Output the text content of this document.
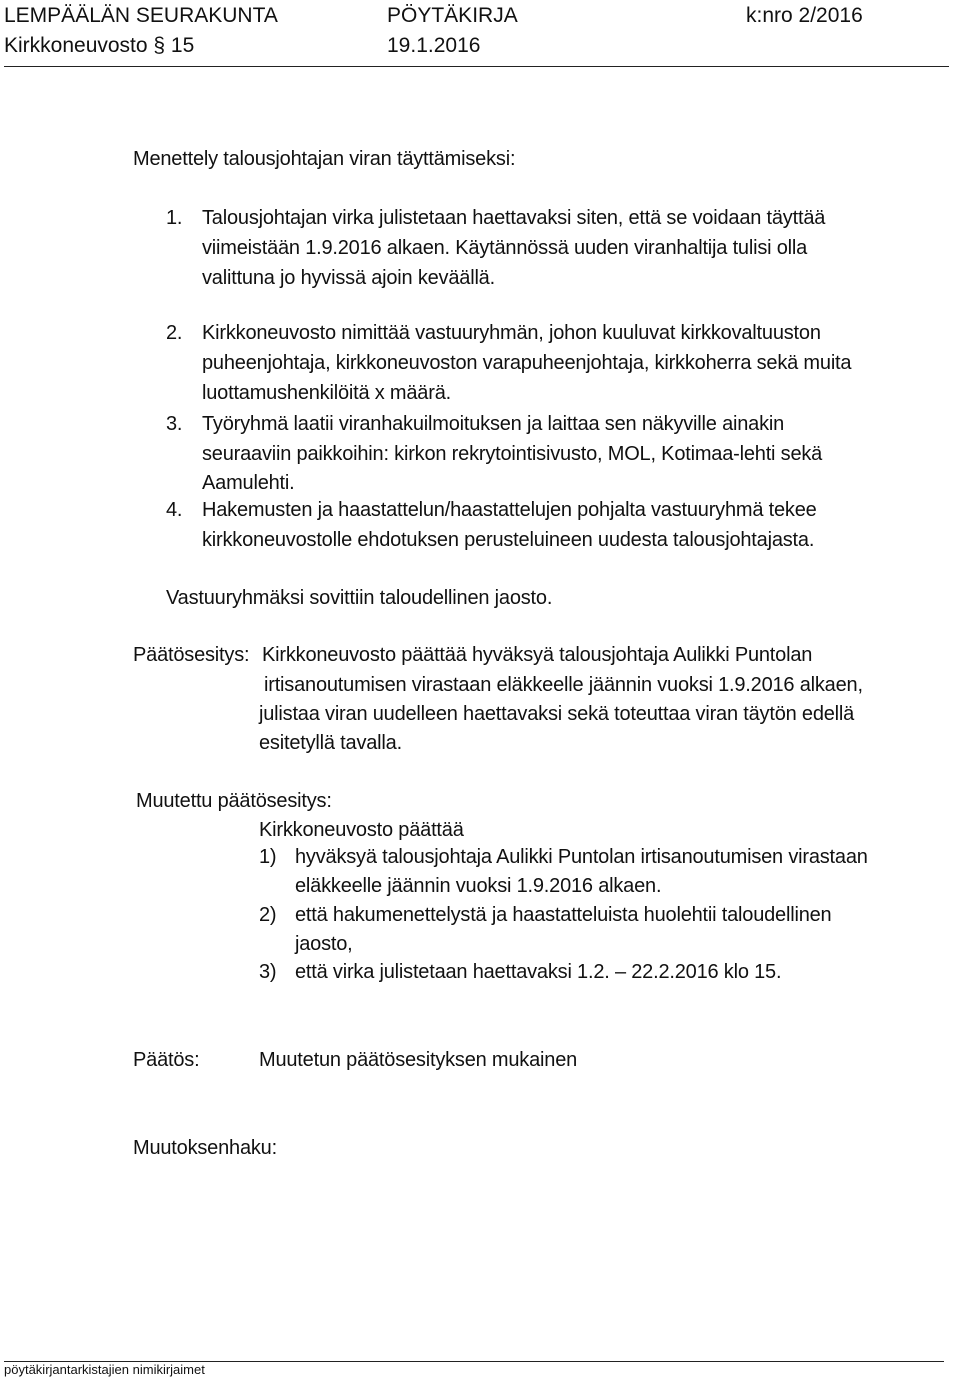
LEMPÄÄLÄN SEURAKUNTA	PÖYTÄKIRJA	k:nro 2/2016
Kirkkoneuvosto § 15	19.1.2016
Menettely talousjohtajan viran täyttämiseksi:
1. Talousjohtajan virka julistetaan haettavaksi siten, että se voidaan täyttää
viimeistään 1.9.2016 alkaen. Käytännössä uuden viranhaltija tulisi olla
valittuna jo hyvissä ajoin keväällä.
2. Kirkkoneuvosto nimittää vastuuryhmän, johon kuuluvat kirkkovaltuuston
puheenjohtaja, kirkkoneuvoston varapuheenjohtaja, kirkkoherra sekä muita
luottamushenkilöitä x määrä.
3. Työryhmä laatii viranhakuilmoituksen ja laittaa sen näkyville ainakin
seuraaviin paikkoihin: kirkon rekrytointisivusto, MOL, Kotimaa-lehti sekä
Aamulehti.
4. Hakemusten ja haastattelun/haastattelujen pohjalta vastuuryhmä tekee
kirkkoneuvostolle ehdotuksen perusteluineen uudesta talousjohtajasta.
Vastuuryhmäksi sovittiin taloudellinen jaosto.
Päätösesitys: Kirkkoneuvosto päättää hyväksyä talousjohtaja Aulikki Puntolan
irtisanoutumisen virastaan eläkkeelle jäännin vuoksi 1.9.2016 alkaen,
julistaa viran uudelleen haettavaksi sekä toteuttaa viran täytön edellä
esitetyllä tavalla.
Muutettu päätösesitys:
Kirkkoneuvosto päättää
1) hyväksyä talousjohtaja Aulikki Puntolan irtisanoutumisen virastaan
eläkkeelle jäännin vuoksi 1.9.2016 alkaen.
2) että hakumenettelystä ja haastatteluista huolehtii taloudellinen
jaosto,
3) että virka julistetaan haettavaksi 1.2. – 22.2.2016 klo 15.
Päätös:	Muutetun päätösesityksen mukainen
Muutoksenhaku:
pöytäkirjantarkistajien nimikirjaimet
